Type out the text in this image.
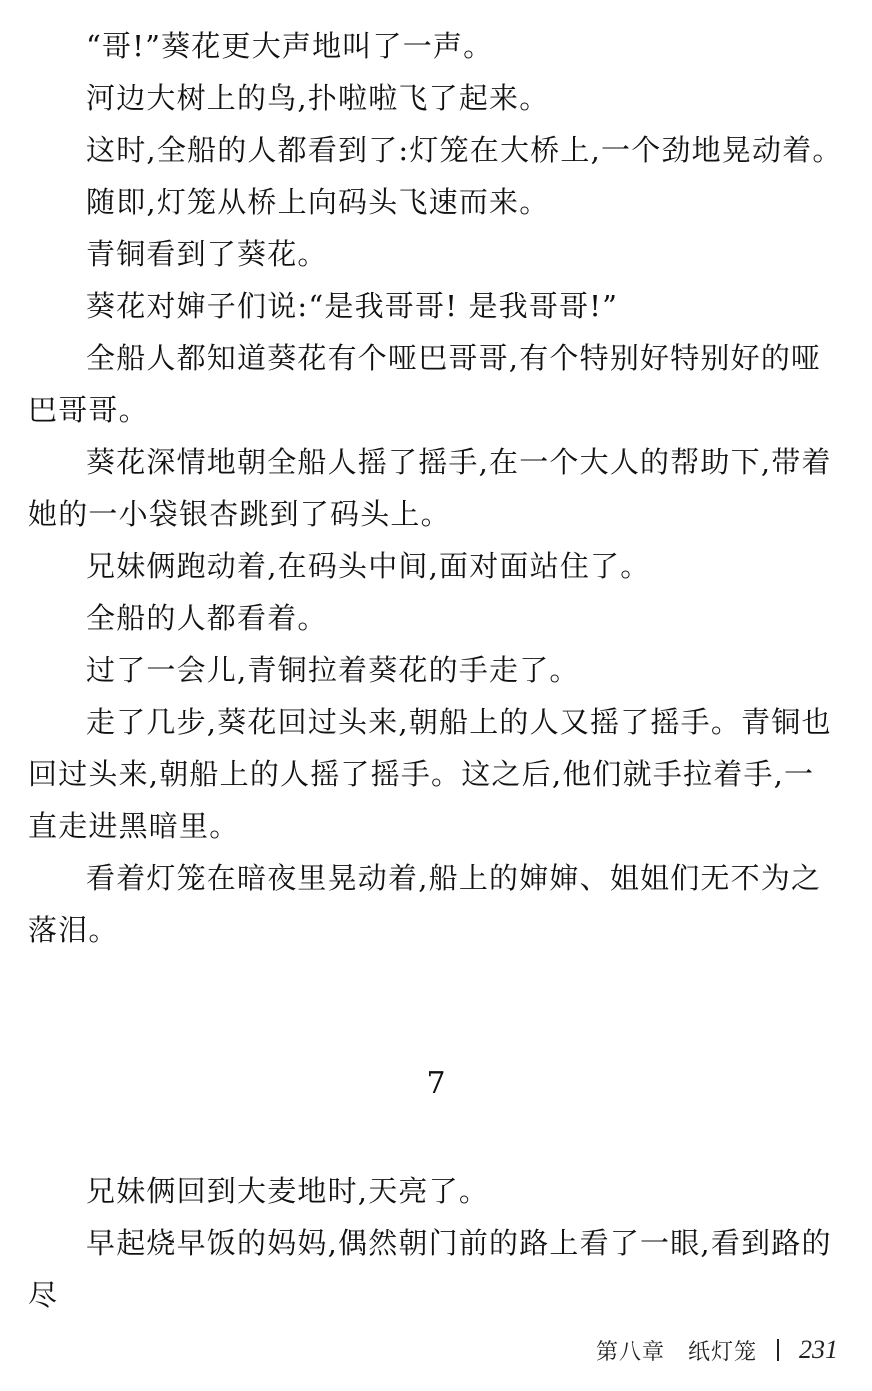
“哥!”葵花更大声地叫了一声。

河边大树上的鸟,扑啦啦飞了起来。

这时,全船的人都看到了:灯笼在大桥上,一个劲地晃动着。

随即,灯笼从桥上向码头飞速而来。

青铜看到了葵花。

葵花对婶子们说:“是我哥哥! 是我哥哥!”

全船人都知道葵花有个哑巴哥哥,有个特别好特别好的哑巴哥哥。

葵花深情地朝全船人摇了摇手,在一个大人的帮助下,带着她的一小袋银杏跳到了码头上。

兄妹俩跑动着,在码头中间,面对面站住了。

全船的人都看着。

过了一会儿,青铜拉着葵花的手走了。

走了几步,葵花回过头来,朝船上的人又摇了摇手。青铜也回过头来,朝船上的人摇了摇手。这之后,他们就手拉着手,一直走进黑暗里。

看着灯笼在暗夜里晃动着,船上的婶婶、姐姐们无不为之落泪。

7

兄妹俩回到大麦地时,天亮了。

早起烧早饭的妈妈,偶然朝门前的路上看了一眼,看到路的尽

第八章　纸灯笼 231
